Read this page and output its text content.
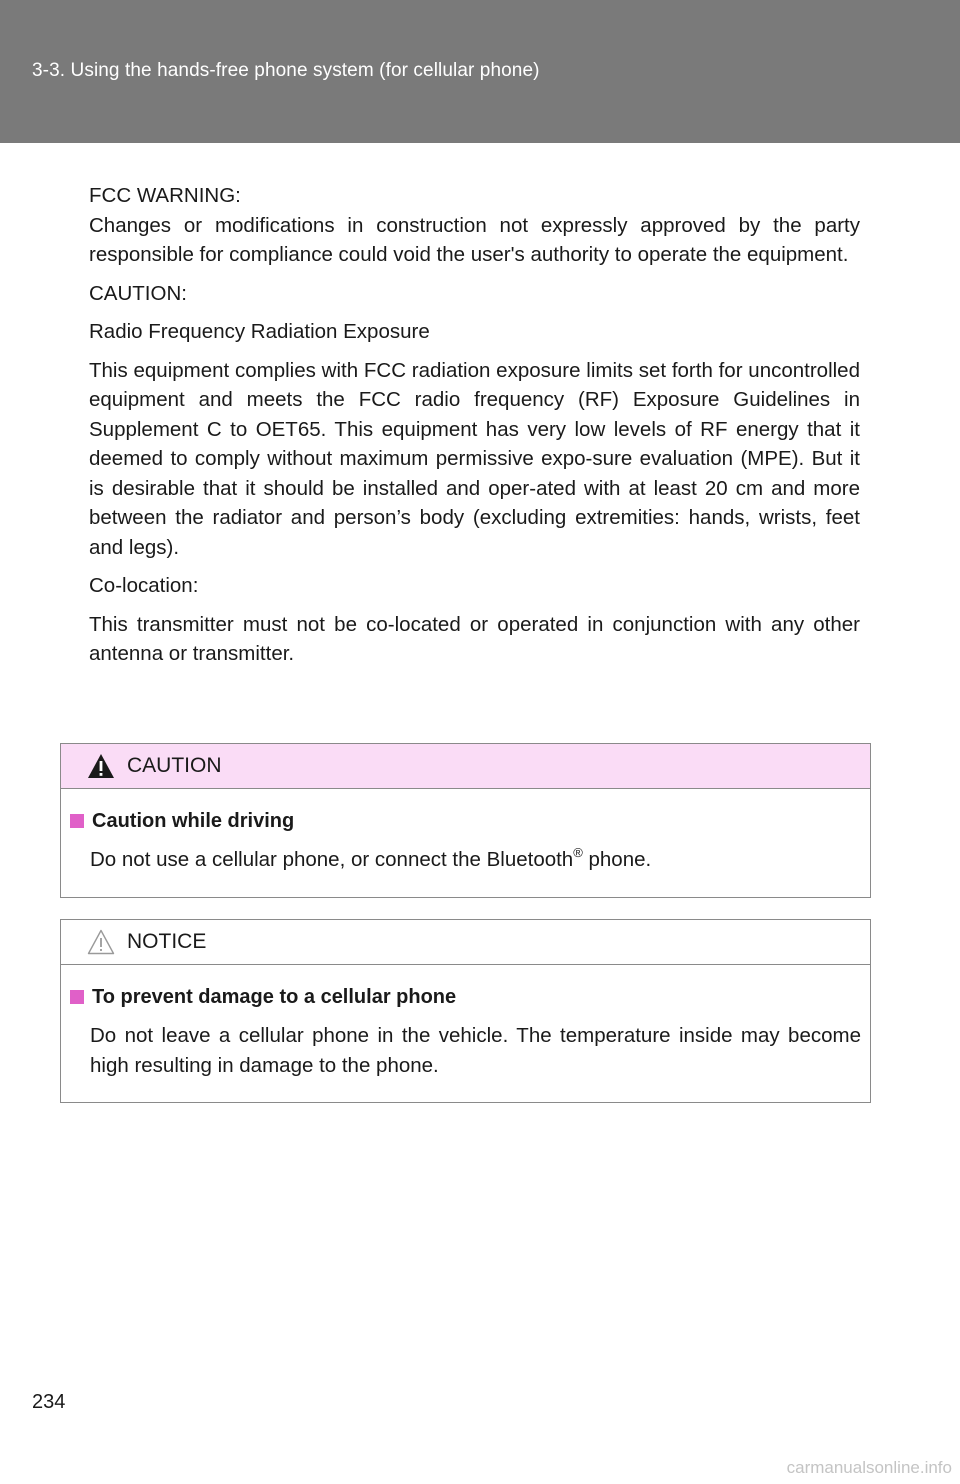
3-3. Using the hands-free phone system (for cellular phone)

FCC WARNING:

Changes or modifications in construction not expressly approved by the party responsible for compliance could void the user's authority to operate the equipment.

CAUTION:

Radio Frequency Radiation Exposure

This equipment complies with FCC radiation exposure limits set forth for uncontrolled equipment and meets the FCC radio frequency (RF) Exposure Guidelines in Supplement C to OET65. This equipment has very low levels of RF energy that it deemed to comply without maximum permissive expo-sure evaluation (MPE). But it is desirable that it should be installed and oper-ated with at least 20 cm and more between the radiator and person’s body (excluding extremities: hands, wrists, feet and legs).

Co-location:

This transmitter must not be co-located or operated in conjunction with any other antenna or transmitter.

CAUTION
Caution while driving
Do not use a cellular phone, or connect the Bluetooth® phone.
NOTICE
To prevent damage to a cellular phone
Do not leave a cellular phone in the vehicle. The temperature inside may become high resulting in damage to the phone.
234
carmanualsonline.info
